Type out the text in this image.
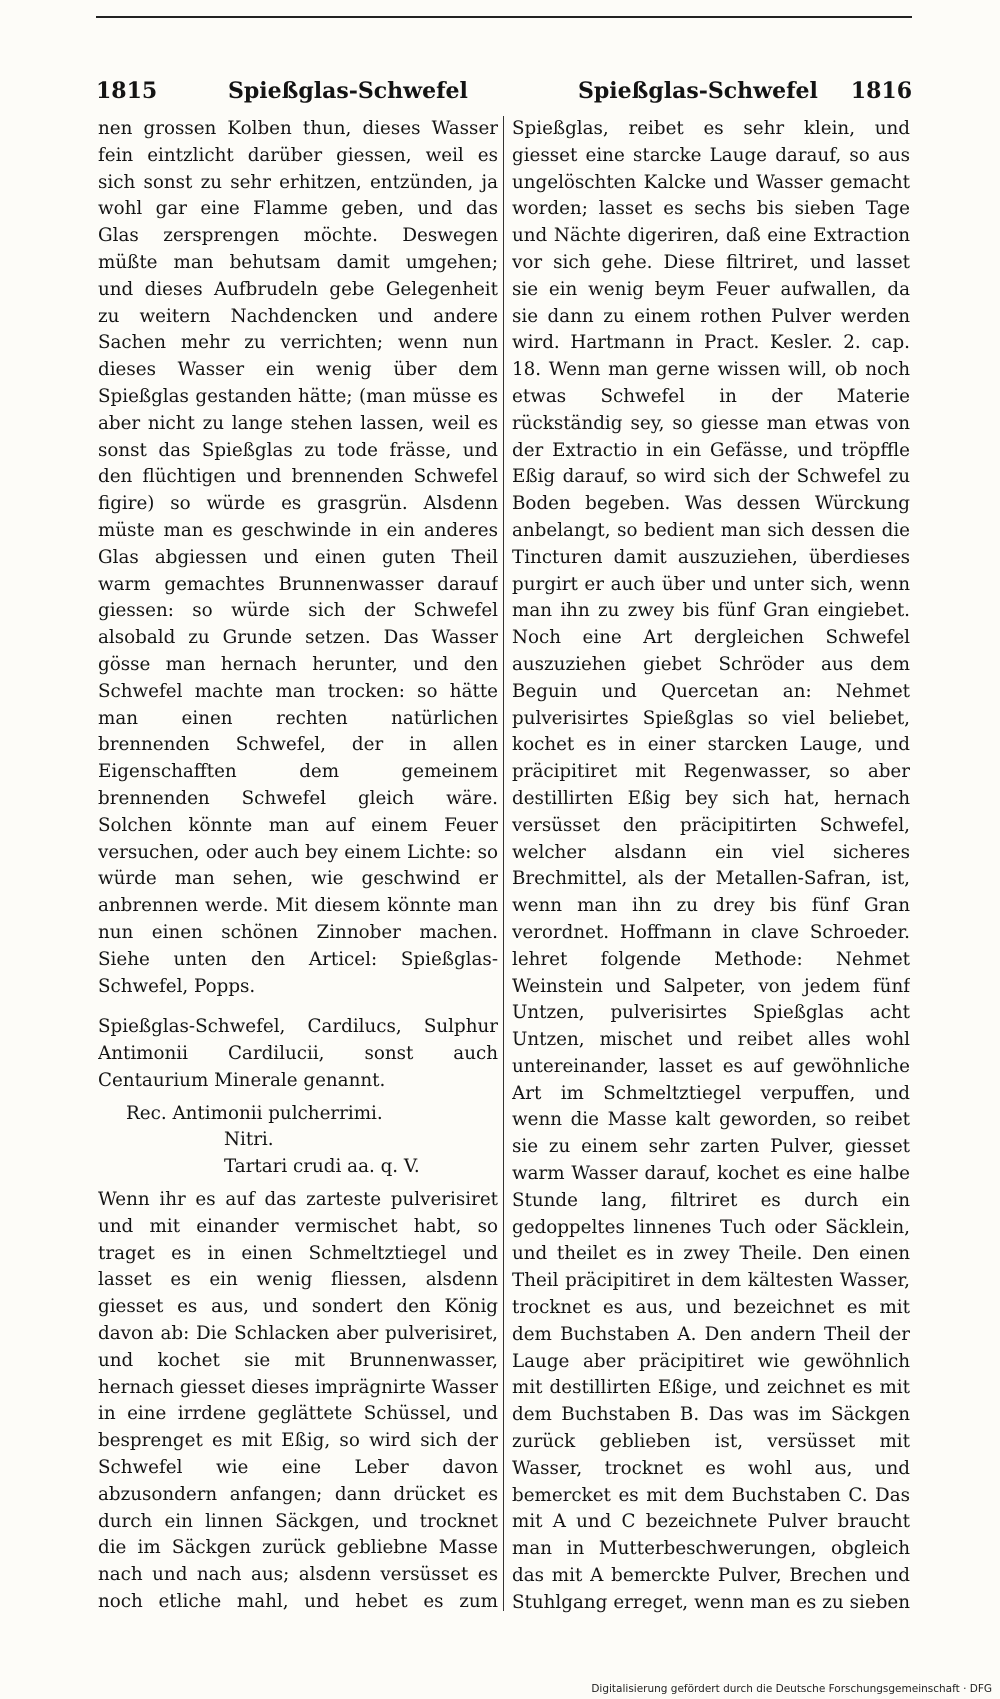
1815	Spießglas-Schwefel	Spießglas-Schwefel 1816

nen grossen Kolben thun, dieses Wasser fein eintzlicht darüber giessen, weil es sich sonst zu sehr erhitzen, entzünden, ja wohl gar eine Flamme geben, und das Glas zersprengen möchte. Deswegen müßte man behutsam damit umgehen; und dieses Aufbrudeln gebe Gelegenheit zu weitern Nachdencken und andere Sachen mehr zu verrichten; wenn nun dieses Wasser ein wenig über dem Spießglas gestanden hätte; (man müsse es aber nicht zu lange stehen lassen, weil es sonst das Spießglas zu tode frässe, und den flüchtigen und brennenden Schwefel figire) so würde es grasgrün. Alsdenn müste man es geschwinde in ein anderes Glas abgiessen und einen guten Theil warm gemachtes Brunnenwasser darauf giessen: so würde sich der Schwefel alsobald zu Grunde setzen. Das Wasser gösse man hernach herunter, und den Schwefel machte man trocken: so hätte man einen rechten natürlichen brennenden Schwefel, der in allen Eigenschafften dem gemeinem brennenden Schwefel gleich wäre. Solchen könnte man auf einem Feuer versuchen, oder auch bey einem Lichte: so würde man sehen, wie geschwind er anbrennen werde. Mit diesem könnte man nun einen schönen Zinnober machen. Siehe unten den Articel: Spießglas-Schwefel, Popps.

Spießglas-Schwefel, Cardilucs, Sulphur Antimonii Cardilucii, sonst auch Centaurium Minerale genannt.

Rec. Antimonii pulcherrimi.

Nitri.

Tartari crudi aa. q. V.

Wenn ihr es auf das zarteste pulverisiret und mit einander vermischet habt, so traget es in einen Schmeltztiegel und lasset es ein wenig fliessen, alsdenn giesset es aus, und sondert den König davon ab: Die Schlacken aber pulverisiret, und kochet sie mit Brunnenwasser, hernach giesset dieses imprägnirte Wasser in eine irrdene geglättete Schüssel, und besprenget es mit Eßig, so wird sich der Schwefel wie eine Leber davon abzusondern anfangen; dann drücket es durch ein linnen Säckgen, und trocknet die im Säckgen zurück gebliebne Masse nach und nach aus; alsdenn versüsset es noch etliche mahl, und hebet es zum

Spießglas, reibet es sehr klein, und giesset eine starcke Lauge darauf, so aus ungelöschten Kalcke und Wasser gemacht worden; lasset es sechs bis sieben Tage und Nächte digeriren, daß eine Extraction vor sich gehe. Diese filtriret, und lasset sie ein wenig beym Feuer aufwallen, da sie dann zu einem rothen Pulver werden wird. Hartmann in Pract. Kesler. 2. cap. 18. Wenn man gerne wissen will, ob noch etwas Schwefel in der Materie rückständig sey, so giesse man etwas von der Extractio in ein Gefässe, und tröpffle Eßig darauf, so wird sich der Schwefel zu Boden begeben. Was dessen Würckung anbelangt, so bedient man sich dessen die Tincturen damit auszuziehen, überdieses purgirt er auch über und unter sich, wenn man ihn zu zwey bis fünf Gran eingiebet. Noch eine Art dergleichen Schwefel auszuziehen giebet Schröder aus dem Beguin und Quercetan an: Nehmet pulverisirtes Spießglas so viel beliebet, kochet es in einer starcken Lauge, und präcipitiret mit Regenwasser, so aber destillirten Eßig bey sich hat, hernach versüsset den präcipitirten Schwefel, welcher alsdann ein viel sicheres Brechmittel, als der Metallen-Safran, ist, wenn man ihn zu drey bis fünf Gran verordnet. Hoffmann in clave Schroeder. lehret folgende Methode: Nehmet Weinstein und Salpeter, von jedem fünf Untzen, pulverisirtes Spießglas acht Untzen, mischet und reibet alles wohl untereinander, lasset es auf gewöhnliche Art im Schmeltztiegel verpuffen, und wenn die Masse kalt geworden, so reibet sie zu einem sehr zarten Pulver, giesset warm Wasser darauf, kochet es eine halbe Stunde lang, filtriret es durch ein gedoppeltes linnenes Tuch oder Säcklein, und theilet es in zwey Theile. Den einen Theil präcipitiret in dem kältesten Wasser, trocknet es aus, und bezeichnet es mit dem Buchstaben A. Den andern Theil der Lauge aber präcipitiret wie gewöhnlich mit destillirten Eßige, und zeichnet es mit dem Buchstaben B. Das was im Säckgen zurück geblieben ist, versüsset mit Wasser, trocknet es wohl aus, und bemercket es mit dem Buchstaben C. Das mit A und C bezeichnete Pulver braucht man in Mutterbeschwerungen, obgleich das mit A bemerckte Pulver, Brechen und Stuhlgang erreget, wenn man es zu sieben

Digitalisierung gefördert durch die Deutsche Forschungsgemeinschaft · DFG
